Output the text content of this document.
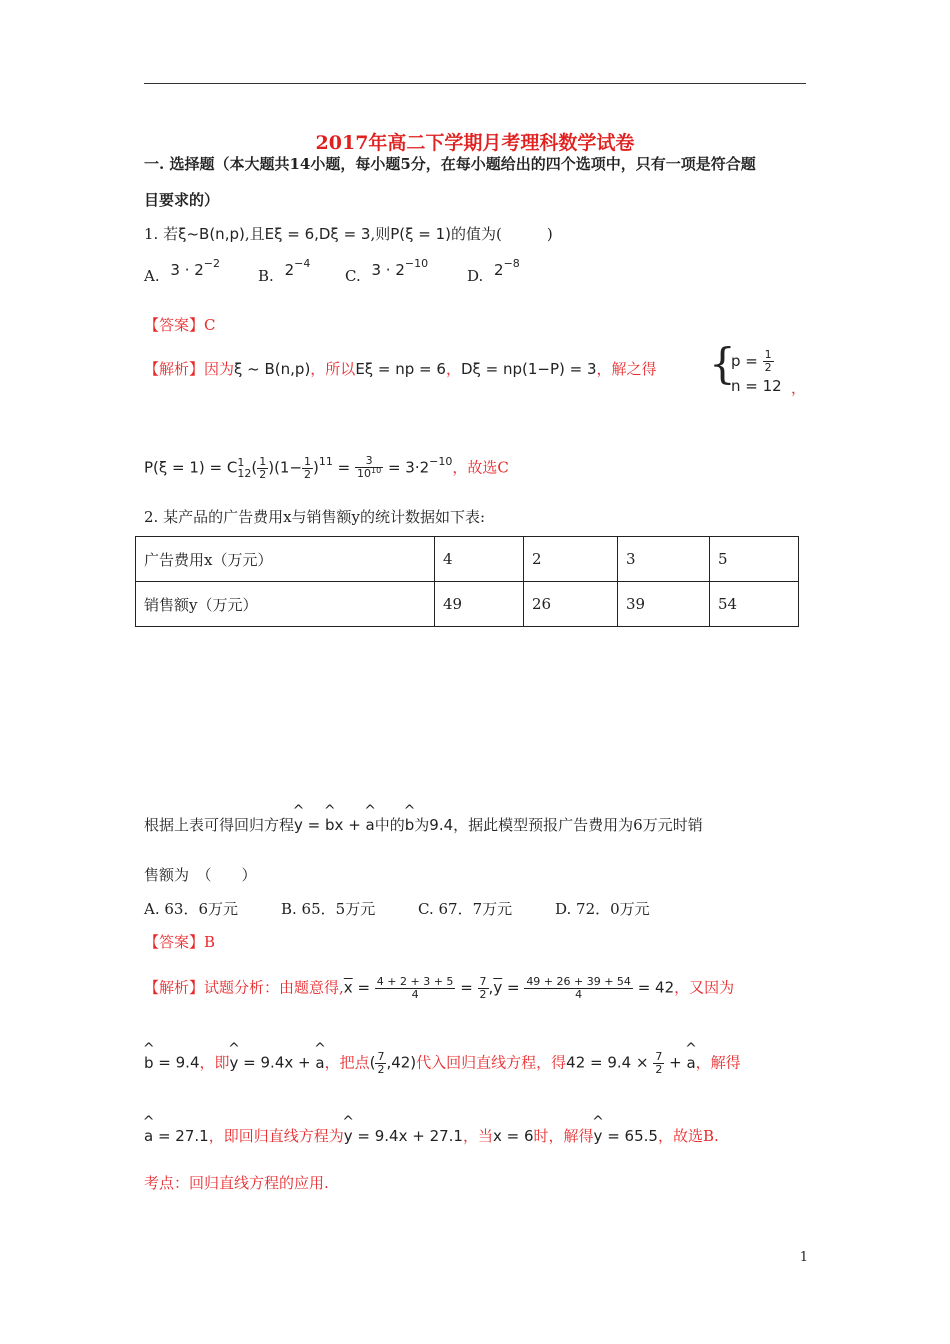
2017年高二下学期月考理科数学试卷
一. 选择题（本大题共14小题，每小题5分，在每小题给出的四个选项中，只有一项是符合题
目要求的）
1. 若ξ~B(n,p),且Eξ = 6,Dξ = 3,则P(ξ = 1)的值为(　　　)
A. $3 \cdot 2^{-2}$
B. $2^{-4}$
C. $3 \cdot 2^{-10}$
D. $2^{-8}$
【答案】C
【解析】因为ξ ~ B(n,p)，所以Eξ = np = 6，Dξ = np(1−P) = 3，解之得 {
$p = \frac{1}{2}$
n = 12 ，
P(ξ = 1) = C 1
12 ( $\frac{1}{2} )(1- \frac{1}{2} )^{11} = \frac{3}{10^{10}} = 3\cdot 2^{-10}$，故选C
2. 某产品的广告费用x与销售额y的统计数据如下表:
广告费用x（万元）	4	2	3	5
销售额y（万元）	49	26	39	54
根据上表可得回归方程^ y = ^ bx + ^ a中的^ b为9.4，据此模型预报广告费用为6万元时销
售额为　（　　）
A. 63．6万元	B. 65．5万元	C. 67．7万元	D. 72．0万元
【答案】B
【解析】试题分析：由题意得$,\overline{x} = \frac{4 + 2 + 3 + 5}{4} = \frac{7}{2} ,\overline{y} = \frac{49 + 26 + 39 + 54}{4} = 42$，又因为
^ b = 9.4，即^ y = 9.4x + ^ a，把点( $\frac{7}{2} ,42$)代入回归直线方程，得$42 = 9.4 \times \frac{7}{2}$ + ^ a，解得
^ a = 27.1，即回归直线方程为^ y = 9.4x + 27.1，当x = 6时，解得^ y = 65.5，故选B.
考点：回归直线方程的应用.
1
